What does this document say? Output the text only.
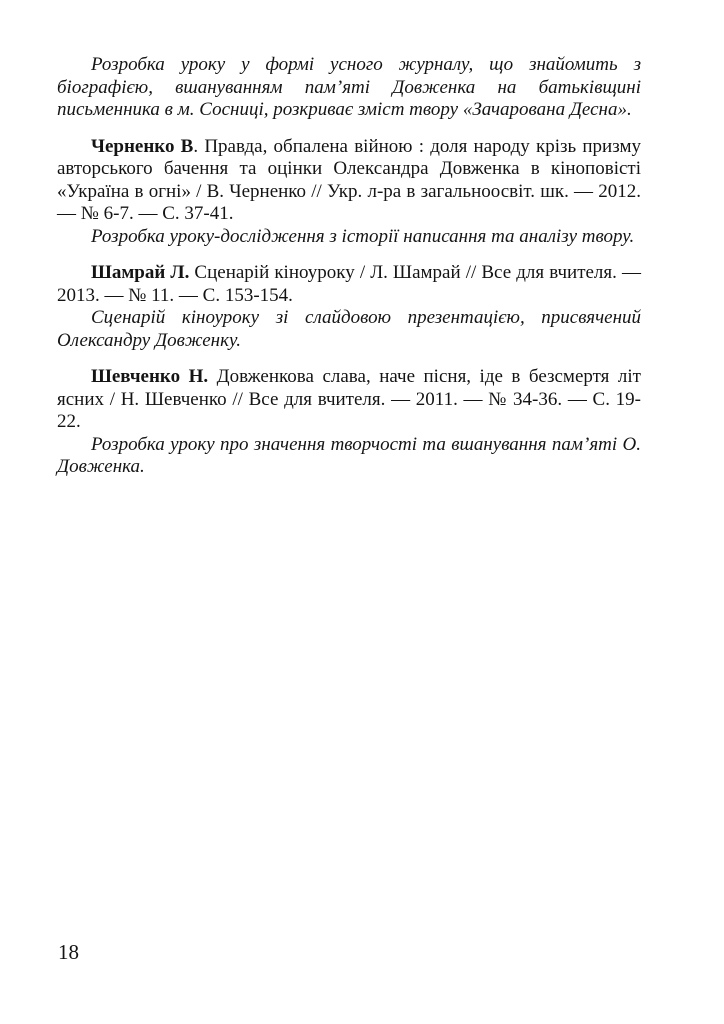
Розробка уроку у формі усного журналу, що знайомить з біографією, вшануванням пам’яті Довженка на батьківщині письменника в м. Сосниці, розкриває зміст твору «Зачарована Десна».

Черненко В. Правда, обпалена війною : доля народу крізь призму авторського бачення та оцінки Олександра Довженка в кіноповісті «Україна в огні» / В. Черненко // Укр. л-ра в загальноосвіт. шк. — 2012. — № 6-7. — С. 37-41.

Розробка уроку-дослідження з історії написання та аналізу твору.

Шамрай Л. Сценарій кіноуроку / Л. Шамрай // Все для вчителя. — 2013. — № 11. — С. 153-154.

Сценарій кіноуроку зі слайдовою презентацією, присвячений Олександру Довженку.

Шевченко Н. Довженкова слава, наче пісня, іде в безсмертя літ ясних / Н. Шевченко // Все для вчителя. — 2011. — № 34-36. — С. 19-22.

Розробка уроку про значення творчості та вшанування пам’яті О. Довженка.

18
